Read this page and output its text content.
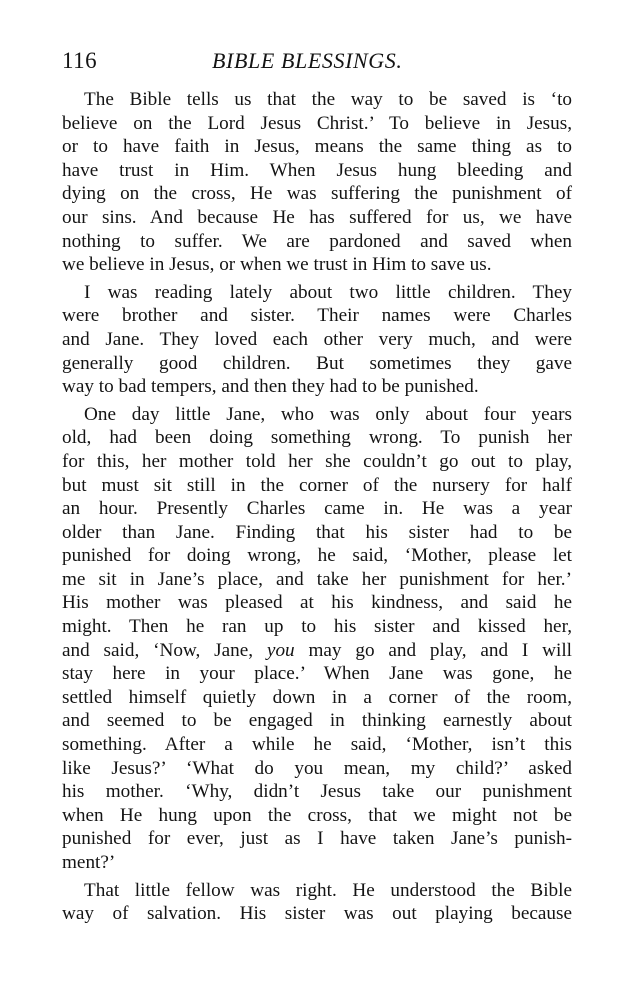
116	BIBLE BLESSINGS.
The Bible tells us that the way to be saved is ‘to
believe on the Lord Jesus Christ.’ To believe in Jesus,
or to have faith in Jesus, means the same thing as to
have trust in Him. When Jesus hung bleeding and
dying on the cross, He was suffering the punishment of
our sins. And because He has suffered for us, we have
nothing to suffer. We are pardoned and saved when
we believe in Jesus, or when we trust in Him to save us.
I was reading lately about two little children. They
were brother and sister. Their names were Charles
and Jane. They loved each other very much, and were
generally good children. But sometimes they gave
way to bad tempers, and then they had to be punished.
One day little Jane, who was only about four years
old, had been doing something wrong. To punish her
for this, her mother told her she couldn’t go out to play,
but must sit still in the corner of the nursery for half
an hour. Presently Charles came in. He was a year
older than Jane. Finding that his sister had to be
punished for doing wrong, he said, ‘Mother, please let
me sit in Jane’s place, and take her punishment for her.’
His mother was pleased at his kindness, and said he
might. Then he ran up to his sister and kissed her,
and said, ‘Now, Jane, you may go and play, and I will
stay here in your place.’ When Jane was gone, he
settled himself quietly down in a corner of the room,
and seemed to be engaged in thinking earnestly about
something. After a while he said, ‘Mother, isn’t this
like Jesus?’ ‘What do you mean, my child?’ asked
his mother. ‘Why, didn’t Jesus take our punishment
when He hung upon the cross, that we might not be
punished for ever, just as I have taken Jane’s punish-
ment?’
That little fellow was right. He understood the Bible
way of salvation. His sister was out playing because
